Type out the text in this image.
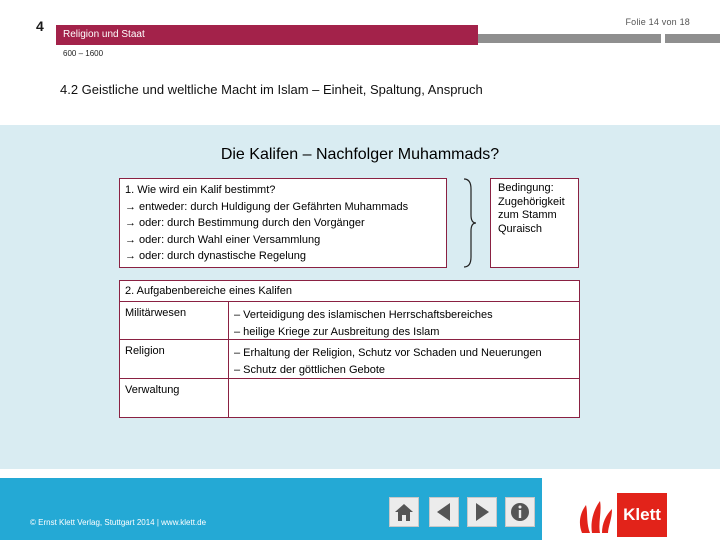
4	Folie 14 von 18
Religion und Staat
600 – 1600
4.2 Geistliche und weltliche Macht im Islam – Einheit, Spaltung, Anspruch
Die Kalifen – Nachfolger Muhammads?
1. Wie wird ein Kalif bestimmt?
→ entweder: durch Huldigung der Gefährten Muhammads
→ oder: durch Bestimmung durch den Vorgänger
→ oder: durch Wahl einer Versammlung
→ oder: durch dynastische Regelung
Bedingung:
Zugehörigkeit
zum Stamm
Quraisch
2. Aufgabenbereiche eines Kalifen
Militärwesen	– Verteidigung des islamischen Herrschaftsbereiches
– heilige Kriege zur Ausbreitung des Islam
Religion	– Erhaltung der Religion, Schutz vor Schaden und Neuerungen
– Schutz der göttlichen Gebote
Verwaltung
© Ernst Klett Verlag, Stuttgart 2014 | www.klett.de	Klett
